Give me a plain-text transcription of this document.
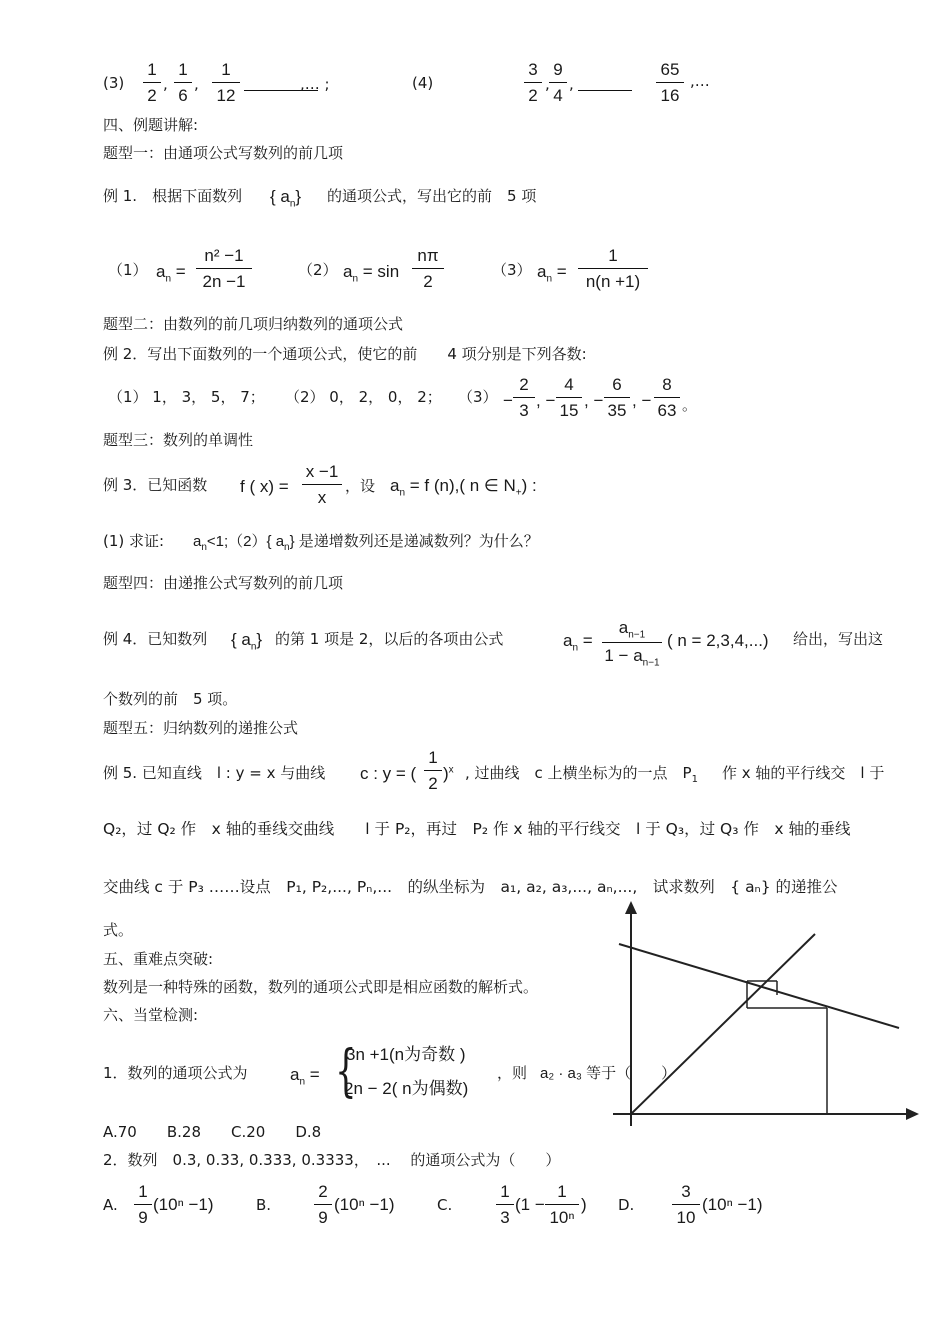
$(3) \frac{1}{2}$ , $\frac{1}{6}$ , $\frac{1}{12}$	,… ;	(4)	$\frac{3}{2}$ , $\frac{9}{4}$ ,	$\frac{65}{16}$ ,…
四、例题讲解:
题型一：由通项公式写数列的前几项
例 1.　根据下面数列 { $a_n$} 的通项公式，写出它的前　5 项
（1） $a_n = \frac{\text{n² −1}}{2n -1}$	（2） $a_n = \sin \frac{n\pi}{2}$	（3） $a_n = \frac{1}{n(n +1)}$
题型二：由数列的前几项归纳数列的通项公式
例 2．写出下面数列的一个通项公式，使它的前　　4 项分别是下列各数:
（1） 1， 3， 5， 7； （2） 0， 2， 0， 2； $(3) - \frac{2}{3}$ , − $\frac{4}{15}$ , − $\frac{6}{35}$ , − $\frac{8}{63}$ 。
题型三：数列的单调性
例 3．已知函数 f ( $x) = \frac{x -1}{x}$ ，设 $a_n = f$ (n),( n ∈ $N_+$) :
(1) 求证: $a_n<1;(2)${ $a_n$} 是递增数列还是递减数列？为什么？
题型四：由递推公式写数列的前几项
例 4．已知数列 { $a_n$} 的第 1 项是 2，以后的各项由公式	$a_n = \frac{a_{n-1}}{1 - a_{n-1}}$ ( n = 2,3,4,...) 给出，写出这
个数列的前　5 项。
题型五：归纳数列的递推公式
例 5. 已知直线　l : y = x 与曲线 c : y = ( $\frac{1}{2} )^x$ , 过曲线　c 上横坐标为的一点　$P_1$ 作 x 轴的平行线交　l 于
Q₂，过 Q₂ 作　x 轴的垂线交曲线　　l 于 P₂，再过　P₂ 作 x 轴的平行线交　l 于 Q₃，过 Q₃ 作　x 轴的垂线
交曲线 c 于 P₃ ……设点　P₁, P₂,..., Pₙ,...　的纵坐标为　a₁, a₂, a₃,..., aₙ,...,　试求数列　{ aₙ} 的递推公
式。
五、重难点突破:
数列是一种特殊的函数，数列的通项公式即是相应函数的解析式。
六、当堂检测:
1．数列的通项公式为 $a_n$ = {
3n +1(n为奇数 )
2n − 2( n为偶数)
，则 a₂ · a₃ 等于（　　）
A.70　　B.28　　C.20　　D.8
2．数列　0.3, 0.33, 0.333, 0.3333，　...　 的通项公式为（　　）
A. $\frac{1}{9} (10^n -1)$	B.	$\frac{2}{9} (10^n -1)$	C.	$\frac{1}{3} (1 - \frac{1}{\text{10ⁿ}}$ ) D. $\frac{3}{10} (10^n -1)$
